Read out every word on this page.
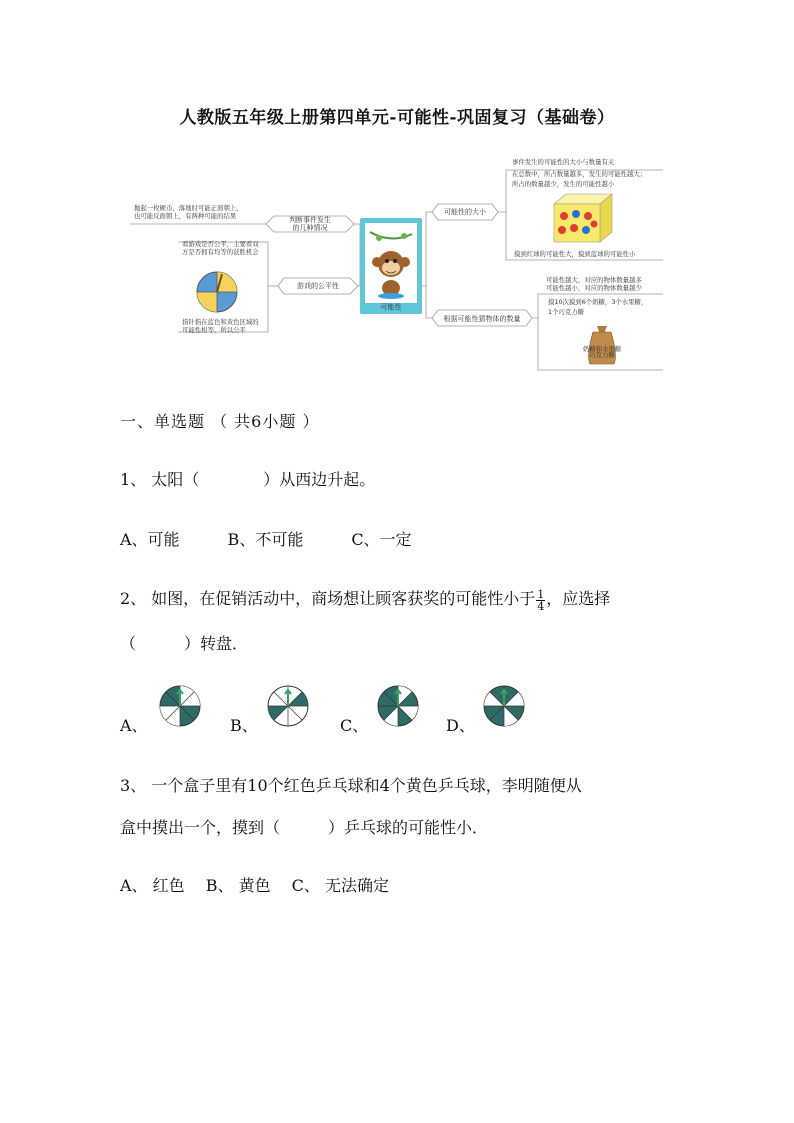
人教版五年级上册第四单元-可能性-巩固复习（基础卷）
可能性
判断事件发生
的几种情况
抛起一枚硬币，落地时可能正面朝上，
也可能反面朝上，有两种可能的结果
游戏的公平性
看游戏是否公平，主要看双
方是否拥有均等的获胜机会
指针指在蓝色和黄色区域的
可能性相等，所以公平
可能性的大小
事件发生的可能性的大小与数量有关
在总数中，所占数量越多，发生的可能性越大；
所占的数量越少，发生的可能性越小
摸到红球的可能性大，摸到蓝球的可能性小
根据可能性猜物体的数量
可能性越大，对应的物体数量越多
可能性越小，对应的物体数量越少
摸10次摸到6个奶糖，3个水果糖，
1个巧克力糖
奶糖和水果糖
巧克力糖
一、单选题 （ 共6小题 ）
1、 太阳（　　　　）从西边升起。
A、可能　　　B、不可能　　　C、一定
2、 如图，在促销活动中，商场想让顾客获奖的可能性小于 $\frac{1}{4}$ ，应选择
（　　　）转盘．
A、	B、	C、	D、
3、 一个盒子里有10个红色乒乓球和4个黄色乒乓球，李明随便从
盒中摸出一个，摸到（　　　）乒乓球的可能性小．
A、 红色　 B、 黄色　 C、 无法确定
